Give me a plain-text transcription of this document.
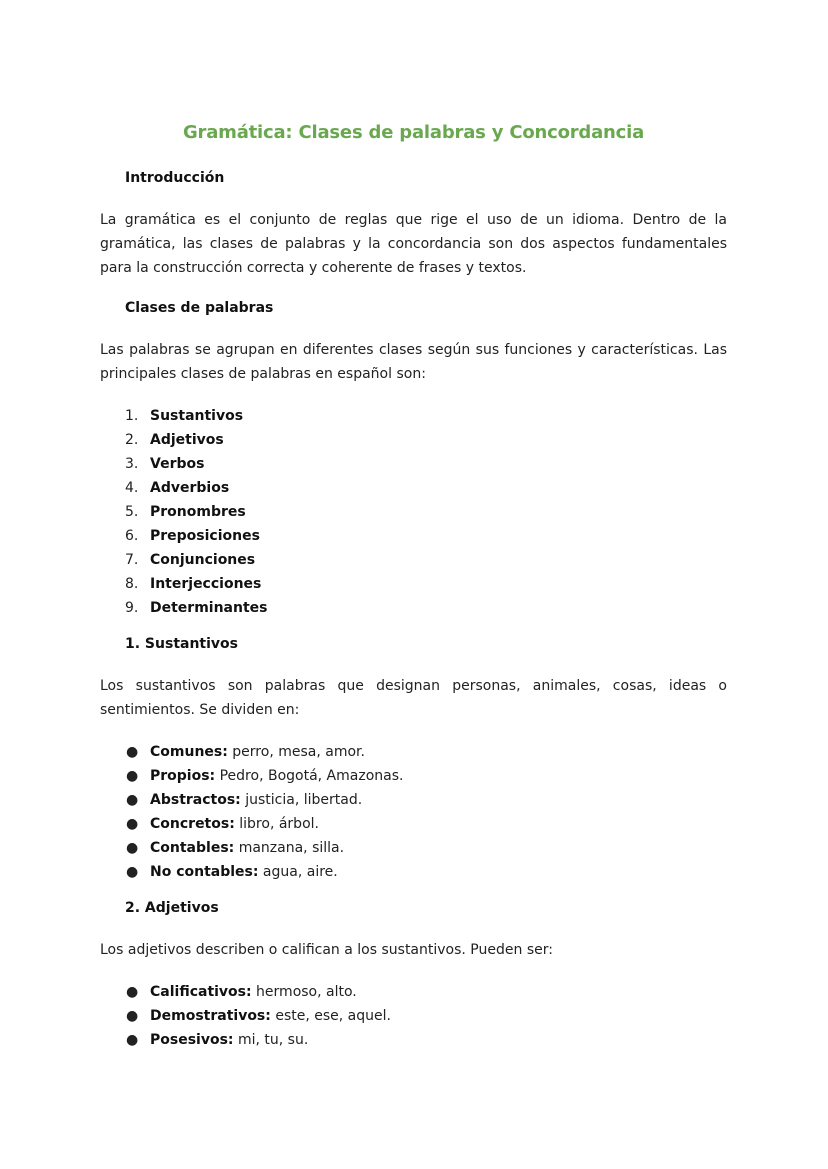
Gramática: Clases de palabras y Concordancia
Introducción

La gramática es el conjunto de reglas que rige el uso de un idioma. Dentro de la gramática, las clases de palabras y la concordancia son dos aspectos fundamentales para la construcción correcta y coherente de frases y textos.

Clases de palabras

Las palabras se agrupan en diferentes clases según sus funciones y características. Las principales clases de palabras en español son:

1. Sustantivos
2. Adjetivos
3. Verbos
4. Adverbios
5. Pronombres
6. Preposiciones
7. Conjunciones
8. Interjecciones
9. Determinantes
1. Sustantivos

Los sustantivos son palabras que designan personas, animales, cosas, ideas o sentimientos. Se dividen en:

● Comunes: perro, mesa, amor.
● Propios: Pedro, Bogotá, Amazonas.
● Abstractos: justicia, libertad.
● Concretos: libro, árbol.
● Contables: manzana, silla.
● No contables: agua, aire.
2. Adjetivos

Los adjetivos describen o califican a los sustantivos. Pueden ser:

● Calificativos: hermoso, alto.
● Demostrativos: este, ese, aquel.
● Posesivos: mi, tu, su.
